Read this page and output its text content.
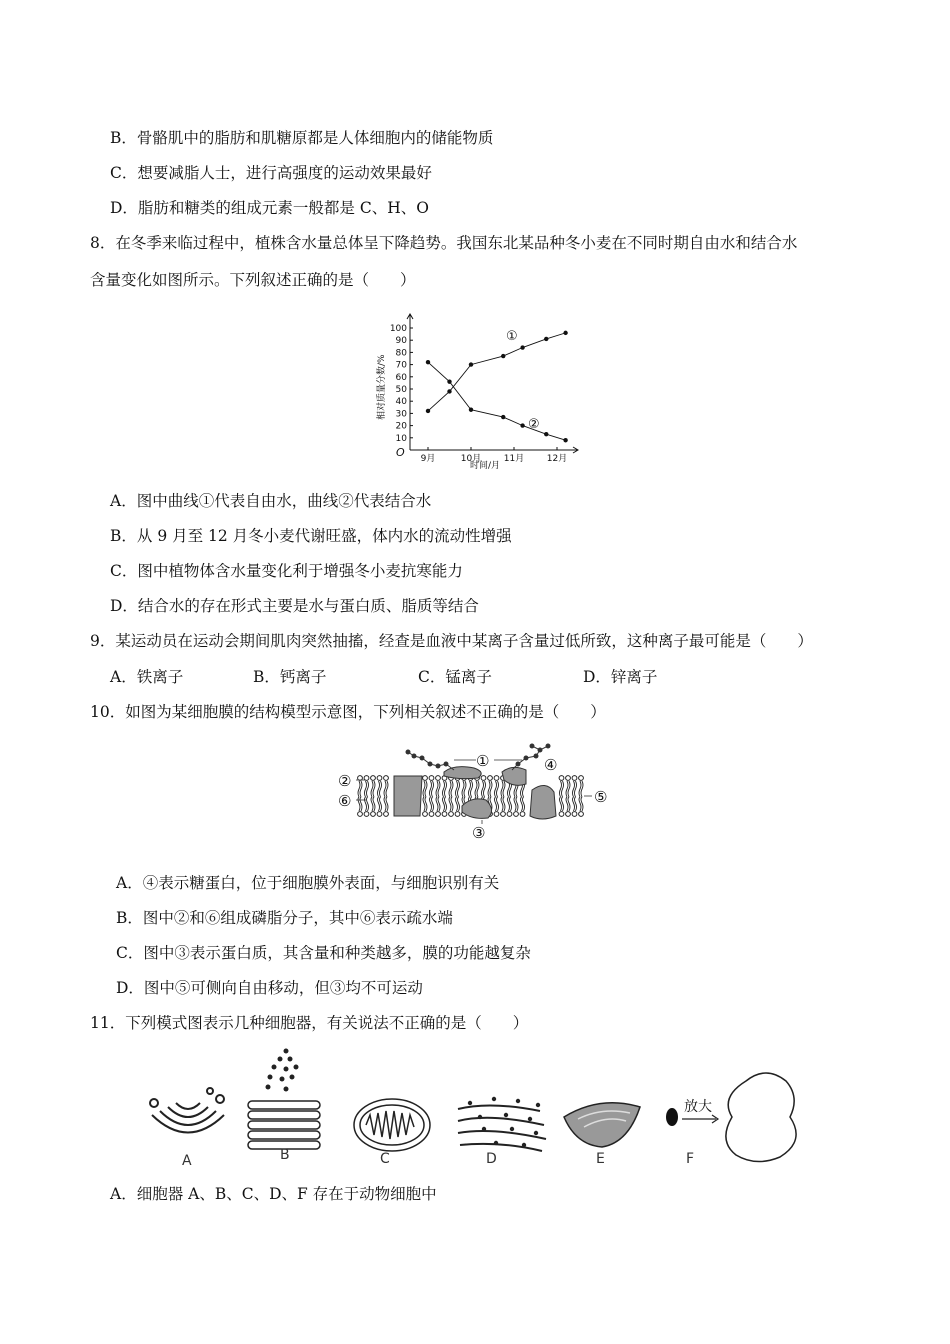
B．骨骼肌中的脂肪和肌糖原都是人体细胞内的储能物质
C．想要减脂人士，进行高强度的运动效果最好
D．脂肪和糖类的组成元素一般都是 C、H、O
8．在冬季来临过程中，植株含水量总体呈下降趋势。我国东北某品种冬小麦在不同时期自由水和结合水
含量变化如图所示。下列叙述正确的是（　　）
10
20
30
40
50
60
70
80
90
100
9月	10月	11月	12月
相对质量分数/%
时间/月
O
①
②
A．图中曲线①代表自由水，曲线②代表结合水
B．从 9 月至 12 月冬小麦代谢旺盛，体内水的流动性增强
C．图中植物体含水量变化利于增强冬小麦抗寒能力
D．结合水的存在形式主要是水与蛋白质、脂质等结合
9．某运动员在运动会期间肌肉突然抽搐，经查是血液中某离子含量过低所致，这种离子最可能是（　　）
A．铁离子	B．钙离子	C．锰离子	D．锌离子
10．如图为某细胞膜的结构模型示意图，下列相关叙述不正确的是（　　）
①
②
③
④
⑤
⑥
A．④表示糖蛋白，位于细胞膜外表面，与细胞识别有关
B．图中②和⑥组成磷脂分子，其中⑥表示疏水端
C．图中③表示蛋白质，其含量和种类越多，膜的功能越复杂
D．图中⑤可侧向自由移动，但③均不可运动
11．下列模式图表示几种细胞器，有关说法不正确的是（　　）
放大
A	B	C	D	E	F
A．细胞器 A、B、C、D、F 存在于动物细胞中
